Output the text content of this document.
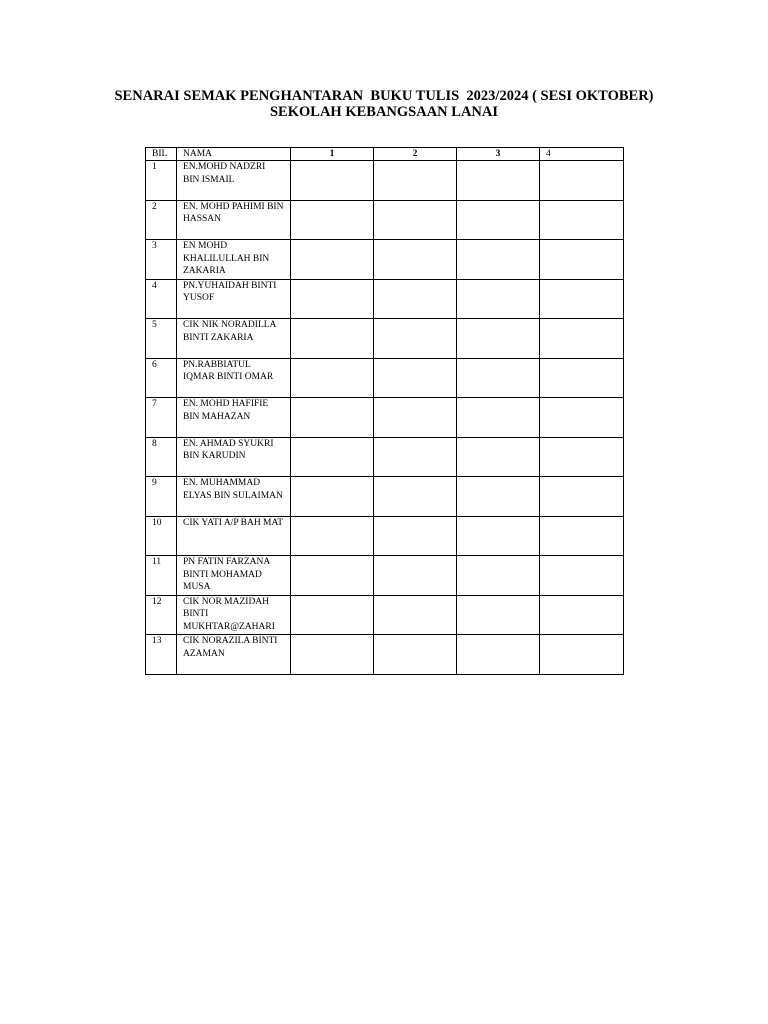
SENARAI SEMAK PENGHANTARAN  BUKU TULIS  2023/2024 ( SESI OKTOBER)
SEKOLAH KEBANGSAAN LANAI
BIL	NAMA	1	2	3	4
1	EN.MOHD NADZRI BIN ISMAIL				
2	EN. MOHD PAHIMI BIN HASSAN				
3	EN MOHD KHALILULLAH BIN ZAKARIA				
4	PN.YUHAIDAH BINTI YUSOF				
5	CIK NIK NORADILLA BINTI ZAKARIA				
6	PN.RABBIATUL IQMAR BINTI OMAR				
7	EN. MOHD HAFIFIE BIN MAHAZAN				
8	EN. AHMAD SYUKRI BIN KARUDIN				
9	EN. MUHAMMAD ELYAS BIN SULAIMAN				
10	CIK YATI A/P BAH MAT				
11	PN FATIN FARZANA BINTI MOHAMAD MUSA				
12	CIK NOR MAZIDAH BINTI MUKHTAR@ZAHARI				
13	CIK NORAZILA BINTI AZAMAN				
